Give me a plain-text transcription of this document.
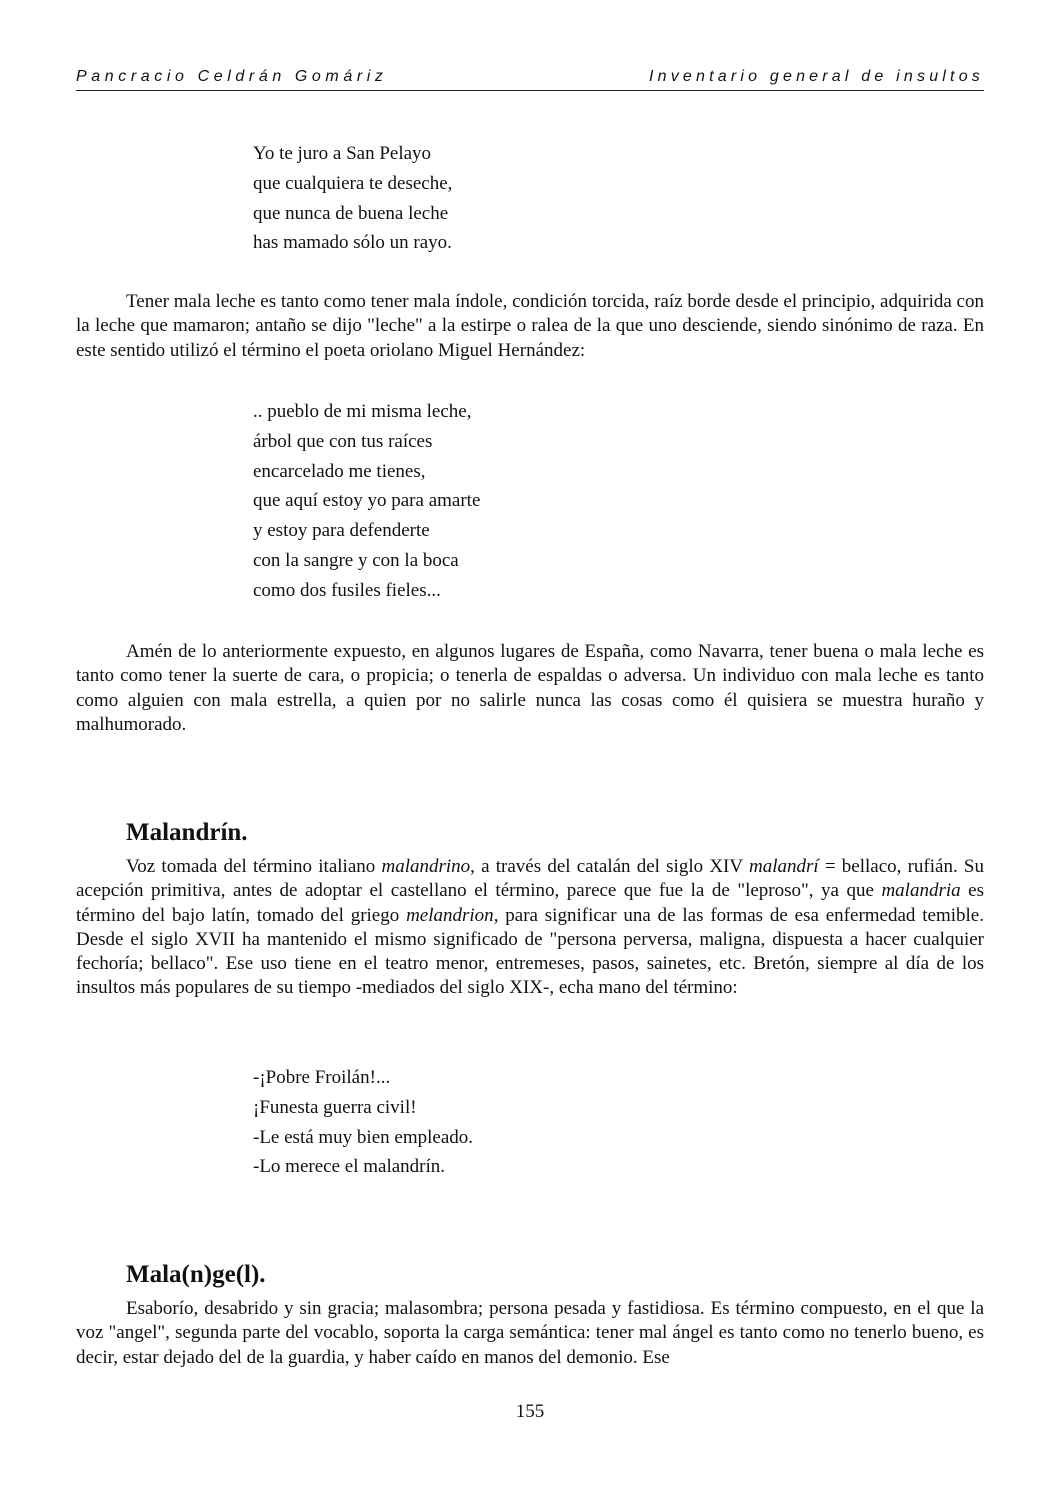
Pancracio Celdrán Gomáriz	Inventario general de insultos
Yo te juro a San Pelayo
que cualquiera te deseche,
que nunca de buena leche
has mamado sólo un rayo.
Tener mala leche es tanto como tener mala índole, condición torcida, raíz borde desde el principio, adquirida con la leche que mamaron; antaño se dijo "leche" a la estirpe o ralea de la que uno desciende, siendo sinónimo de raza. En este sentido utilizó el término el poeta oriolano Miguel Hernández:
.. pueblo de mi misma leche,
árbol que con tus raíces
encarcelado me tienes,
que aquí estoy yo para amarte
y estoy para defenderte
con la sangre y con la boca
como dos fusiles fieles...
Amén de lo anteriormente expuesto, en algunos lugares de España, como Navarra, tener buena o mala leche es tanto como tener la suerte de cara, o propicia; o tenerla de espaldas o adversa. Un individuo con mala leche es tanto como alguien con mala estrella, a quien por no salirle nunca las cosas como él quisiera se muestra huraño y malhumorado.
Malandrín.
Voz tomada del término italiano malandrino, a través del catalán del siglo XIV malandrí = bellaco, rufián. Su acepción primitiva, antes de adoptar el castellano el término, parece que fue la de "leproso", ya que malandria es término del bajo latín, tomado del griego melandrion, para significar una de las formas de esa enfermedad temible. Desde el siglo XVII ha mantenido el mismo significado de "persona perversa, maligna, dispuesta a hacer cualquier fechoría; bellaco". Ese uso tiene en el teatro menor, entremeses, pasos, sainetes, etc. Bretón, siempre al día de los insultos más populares de su tiempo -mediados del siglo XIX-, echa mano del término:
-¡Pobre Froilán!...
¡Funesta guerra civil!
-Le está muy bien empleado.
-Lo merece el malandrín.
Mala(n)ge(l).
Esaborío, desabrido y sin gracia; malasombra; persona pesada y fastidiosa. Es término compuesto, en el que la voz "angel", segunda parte del vocablo, soporta la carga semántica: tener mal ángel es tanto como no tenerlo bueno, es decir, estar dejado del de la guardia, y haber caído en manos del demonio. Ese
155
